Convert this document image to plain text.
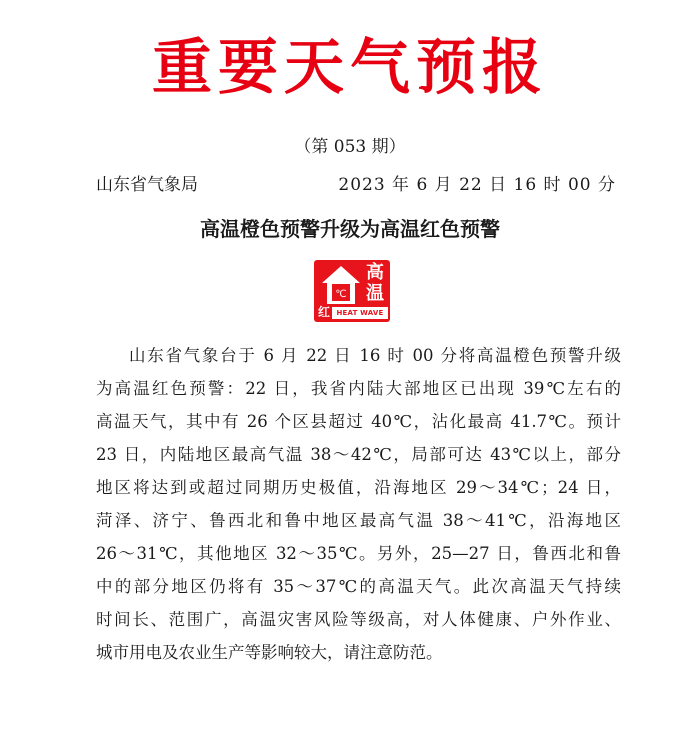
重要天气预报
（第 053 期）
山东省气象局	2023 年 6 月 22 日 16 时 00 分
高温橙色预警升级为高温红色预警
℃
高
温
红 HEAT WAVE
山东省气象台于 6 月 22 日 16 时 00 分将高温橙色预警升级
为高温红色预警：22 日，我省内陆大部地区已出现 39℃左右的
高温天气，其中有 26 个区县超过 40℃，沾化最高 41.7℃。预计
23 日，内陆地区最高气温 38～42℃，局部可达 43℃以上，部分
地区将达到或超过同期历史极值，沿海地区 29～34℃；24 日，
菏泽、济宁、鲁西北和鲁中地区最高气温 38～41℃，沿海地区
26～31℃，其他地区 32～35℃。另外，25—27 日，鲁西北和鲁
中的部分地区仍将有 35～37℃的高温天气。此次高温天气持续
时间长、范围广，高温灾害风险等级高，对人体健康、户外作业、
城市用电及农业生产等影响较大，请注意防范。
